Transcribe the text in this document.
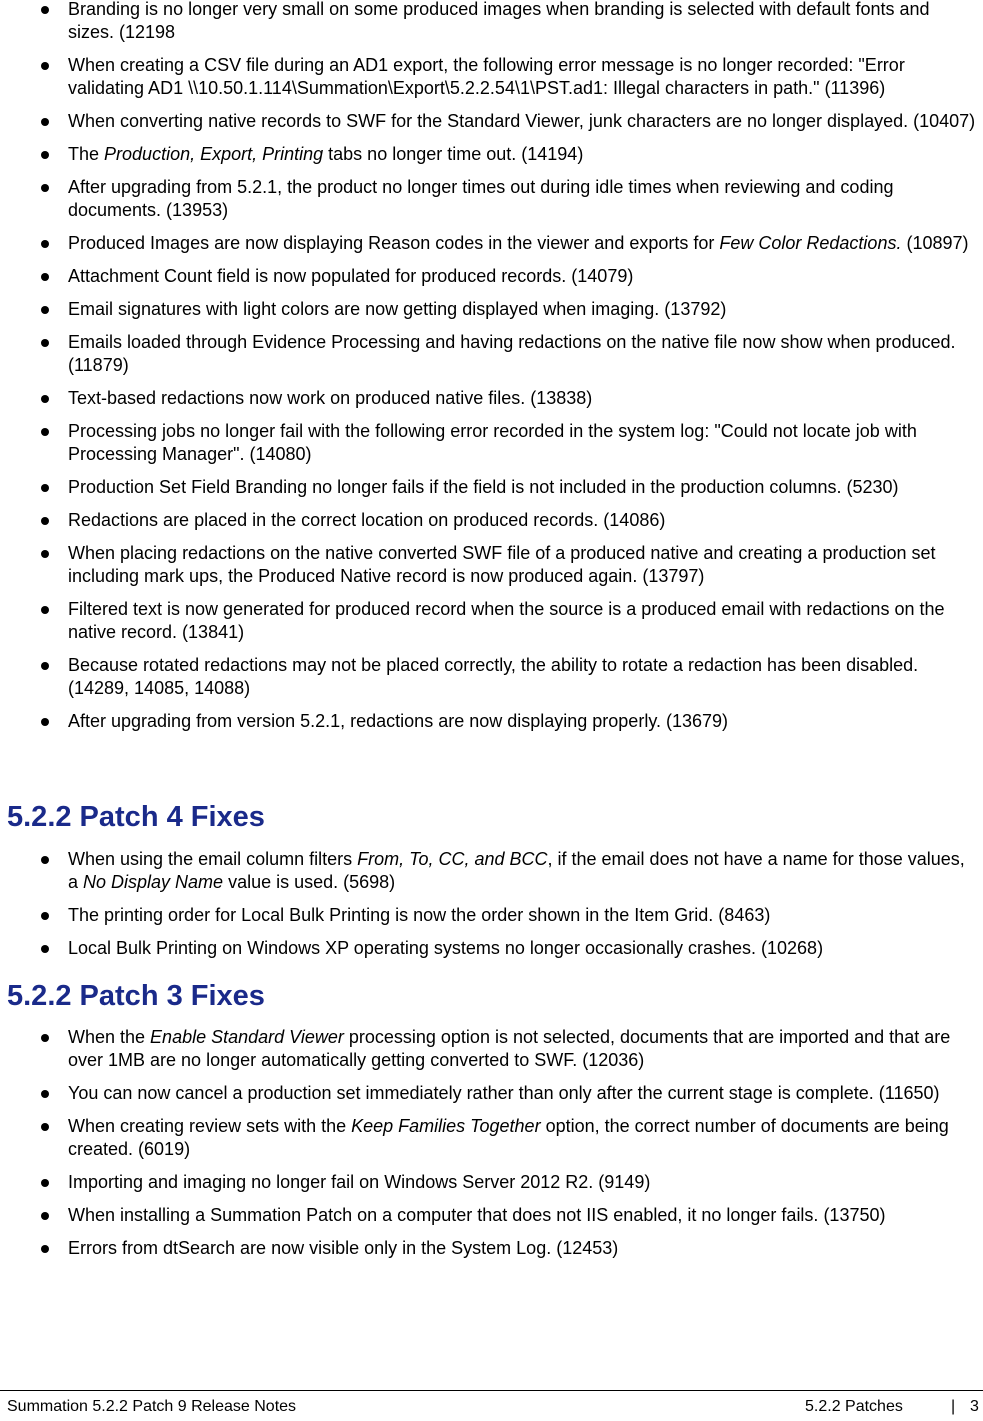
Branding is no longer very small on some produced images when branding is selected with default fonts and sizes. (12198
When creating a CSV file during an AD1 export, the following error message is no longer recorded: "Error validating AD1 \\10.50.1.114\Summation\Export\5.2.2.54\1\PST.ad1: Illegal characters in path." (11396)
When converting native records to SWF for the Standard Viewer, junk characters are no longer displayed. (10407)
The Production, Export, Printing tabs no longer time out. (14194)
After upgrading from 5.2.1, the product no longer times out during idle times when reviewing and coding documents. (13953)
Produced Images are now displaying Reason codes in the viewer and exports for Few Color Redactions. (10897)
Attachment Count field is now populated for produced records. (14079)
Email signatures with light colors are now getting displayed when imaging. (13792)
Emails loaded through Evidence Processing and having redactions on the native file now show when produced. (11879)
Text-based redactions now work on produced native files. (13838)
Processing jobs no longer fail with the following error recorded in the system log: "Could not locate job with Processing Manager". (14080)
Production Set Field Branding no longer fails if the field is not included in the production columns. (5230)
Redactions are placed in the correct location on produced records. (14086)
When placing redactions on the native converted SWF file of a produced native and creating a production set including mark ups, the Produced Native record is now produced again. (13797)
Filtered text is now generated for produced record when the source is a produced email with redactions on the native record. (13841)
Because rotated redactions may not be placed correctly, the ability to rotate a redaction has been disabled. (14289, 14085, 14088)
After upgrading from version 5.2.1, redactions are now displaying properly. (13679)
5.2.2 Patch 4 Fixes
When using the email column filters From, To, CC, and BCC, if the email does not have a name for those values, a No Display Name value is used. (5698)
The printing order for Local Bulk Printing is now the order shown in the Item Grid. (8463)
Local Bulk Printing on Windows XP operating systems no longer occasionally crashes. (10268)
5.2.2 Patch 3 Fixes
When the Enable Standard Viewer processing option is not selected, documents that are imported and that are over 1MB are no longer automatically getting converted to SWF. (12036)
You can now cancel a production set immediately rather than only after the current stage is complete. (11650)
When creating review sets with the Keep Families Together option, the correct number of documents are being created. (6019)
Importing and imaging no longer fail on Windows Server 2012 R2. (9149)
When installing a Summation Patch on a computer that does not IIS enabled, it no longer fails. (13750)
Errors from dtSearch are now visible only in the System Log. (12453)
Summation 5.2.2 Patch 9 Release Notes	5.2.2 Patches	| 3
